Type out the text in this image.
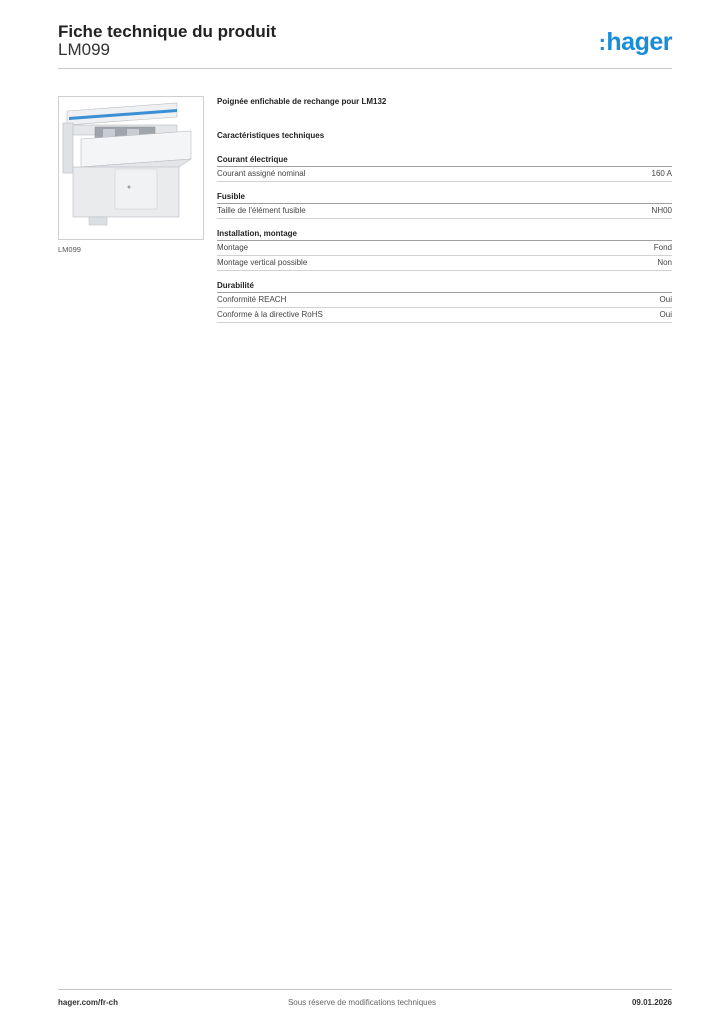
Fiche technique du produit
LM099	:hager
LM099
Poignée enfichable de rechange pour LM132
Caractéristiques techniques
Courant électrique
Courant assigné nominal	160 A
Fusible
Taille de l'élément fusible	NH00
Installation, montage
Montage	Fond
Montage vertical possible	Non
Durabilité
Conformité REACH	Oui
Conforme à la directive RoHS	Oui
hager.com/fr-ch	Sous réserve de modifications techniques	09.01.2026
